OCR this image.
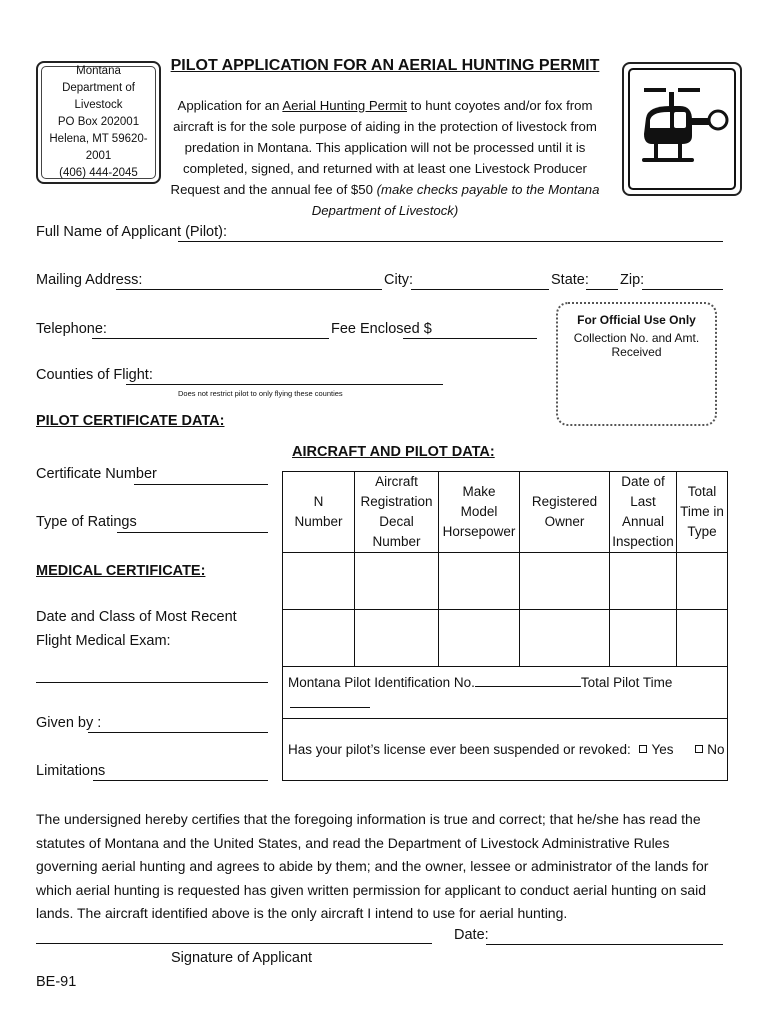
Montana
Department of Livestock
PO Box 202001
Helena, MT 59620-2001
(406) 444-2045
PILOT APPLICATION FOR AN AERIAL HUNTING PERMIT
Application for an Aerial Hunting Permit to hunt coyotes and/or fox from aircraft is for the sole purpose of aiding in the protection of livestock from predation in Montana. This application will not be processed until it is completed, signed, and returned with at least one Livestock Producer Request and the annual fee of $50 (make checks payable to the Montana Department of Livestock)
Full Name of Applicant (Pilot):
Mailing Address:	City:	State: Zip:
Telephone:	Fee Enclosed $
Counties of Flight:
Does not restrict pilot to only flying these counties
For Official Use Only
Collection No. and Amt. Received
PILOT CERTIFICATE DATA:
Certificate Number
Type of Ratings
MEDICAL CERTIFICATE:
Date and Class of Most Recent
Flight Medical Exam:
Given by :
Limitations
AIRCRAFT AND PILOT DATA:
N
Number	Aircraft
Registration
Decal Number	Make
Model
Horsepower	Registered
Owner	Date of
Last Annual
Inspection	Total
Time in
Type

Montana Pilot Identification No. Total Pilot Time					
Has your pilot’s license ever been suspended or revoked: Yes No					
The undersigned hereby certifies that the foregoing information is true and correct; that he/she has read the statutes of Montana and the United States, and read the Department of Livestock Administrative Rules governing aerial hunting and agrees to abide by them; and the owner, lessee or administrator of the lands for which aerial hunting is requested has given written permission for applicant to conduct aerial hunting on said lands. The aircraft identified above is the only aircraft I intend to use for aerial hunting.
Date:
Signature of Applicant
BE-91
